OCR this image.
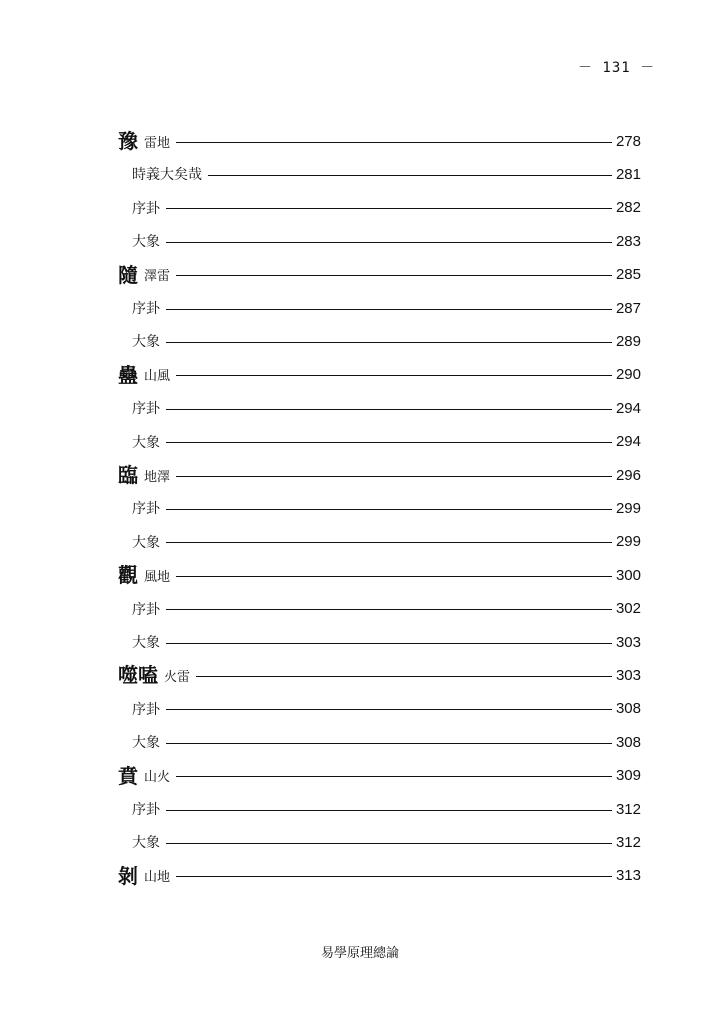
－ 131 －
豫 雷地	278
時義大矣哉	281
序卦	282
大象	283
隨 澤雷	285
序卦	287
大象	289
蠱 山風	290
序卦	294
大象	294
臨 地澤	296
序卦	299
大象	299
觀 風地	300
序卦	302
大象	303
噬嗑 火雷	303
序卦	308
大象	308
賁 山火	309
序卦	312
大象	312
剝 山地	313
易學原理總論
